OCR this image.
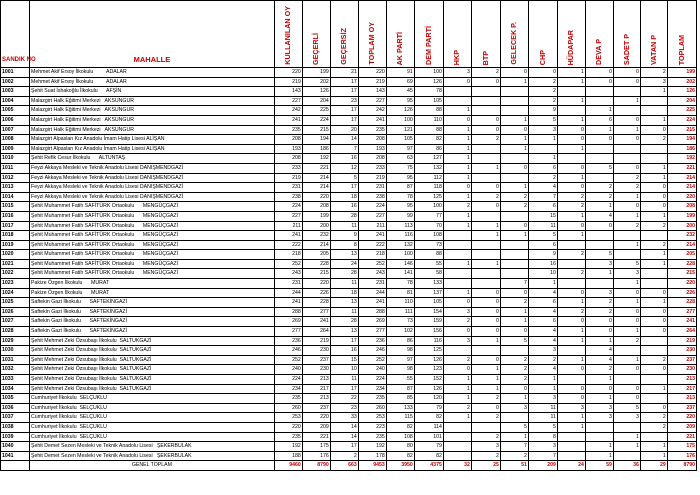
SANDIK NO	MAHALLE	KULLANILAN OY	GEÇERLİ	GEÇERSİZ	TOPLAM OY	AK PARTİ	DEM PARTİ	HKP	BTP	GELECEK P.	CHP	HÜDAPAR	DEVA P	SADET P	VATAN P	TOPLAM

1001	Mehmet Akif Ersoy İlkokulu         ADALAR	220	199	21	220	91	100	3	2	0	0	1	0	0	2	199
1002	Mehmet Akif Ersoy İlkokulu         ADALAR	219	202	17	219	69	126	0	0	1	2	1	0	0	3	202
1003	Şehit Suat İshakoğlu İlkokulu      AFŞİN	143	126	17	143	45	78				2				1	126
1004	Malazgirt Halk Eğitimi Merkezi   AKSUNGUR	227	204	23	227	95	105				2	1		1		204
1005	Malazgirt Halk Eğitimi Merkezi   AKSUNGUR	242	225	17	242	126	88	1			9		1			225
1006	Malazgirt Halk Eğitimi Merkezi   AKSUNGUR	241	224	17	241	100	110	0	0	1	5	1	6	0	1	224
1007	Malazgirt Halk Eğitimi Merkezi   AKSUNGUR	235	215	20	235	121	88	1	0	0	3	0	1	1	0	215
1008	Malazgirt Alpaslan Kız Anadolu İmam Hatip Lisesi ALİŞAN	208	194	14	208	105	82	1	2	1	1	0	0	0	2	194
1009	Malazgirt Alpaslan Kız Anadolu İmam Hatip Lisesi ALİŞAN	193	186	7	193	97	86	1		1		1				186
1010	Şehit Refik Cesur İlkokulu      ALTUNTAŞ	208	192	16	208	63	127	1			1					192
1011	Feyzi Akkaya Mesleki ve Teknik Anadolu Lisesi DANIŞMENDGAZİ	233	221	12	233	75	132	1	1	0	6	0	5	0	1	221
1012	Feyzi Akkaya Mesleki ve Teknik Anadolu Lisesi DANIŞMENDGAZİ	219	214	5	219	95	112	1			2	1		2	1	214
1013	Feyzi Akkaya Mesleki ve Teknik Anadolu Lisesi DANIŞMENDGAZİ	231	214	17	231	87	118	0	0	1	4	0	2	2	0	214
1014	Feyzi Akkaya Mesleki ve Teknik Anadolu Lisesi DANIŞMENDGAZİ	238	220	18	238	78	125	1	2	2	7	2	2	1	0	220
1015	Şehit Muhammet Fatih SAFİTÜRK Ortaokulu      MENGÜÇGAZİ	224	208	16	224	95	100	2	0	2	6	2	1	0	0	208
1016	Şehit Muhammet Fatih SAFİTÜRK Ortaokulu      MENGÜÇGAZİ	227	199	28	227	99	77	1			15	1	4	1	1	199
1017	Şehit Muhammet Fatih SAFİTÜRK Ortaokulu      MENGÜÇGAZİ	211	200	11	211	113	70	1	1	0	11	0	0	2	2	200
1018	Şehit Muhammet Fatih SAFİTÜRK Ortaokulu      MENGÜÇGAZİ	241	232	9	241	116	108		1	1	5	1				232
1019	Şehit Muhammet Fatih SAFİTÜRK Ortaokulu      MENGÜÇGAZİ	222	214	8	222	132	73				6			1	2	214
1020	Şehit Muhammet Fatih SAFİTÜRK Ortaokulu      MENGÜÇGAZİ	218	205	13	218	100	88				9	2	5		1	205
1021	Şehit Muhammet Fatih SAFİTÜRK Ortaokulu      MENGÜÇGAZİ	252	228	24	252	146	55	1	1		16		3	5	1	228
1022	Şehit Muhammet Fatih SAFİTÜRK Ortaokulu      MENGÜÇGAZİ	243	215	28	243	141	58				10	2	1	3		215
1023	Pakize Özgen İlkokulu      MURAT	231	220	11	231	78	133			7	1			1		220
1024	Pakize Özgen İlkokulu      MURAT	244	226	18	244	81	137	1	0	0	4	0	3	0	0	226
1025	Saftekin Gazi İlkokulu      SAFTEKİNGAZİ	241	228	13	241	110	105	0	0	2	6	1	2	1	1	228
1026	Saftekin Gazi İlkokulu      SAFTEKİNGAZİ	288	277	11	288	111	154	3	0	1	4	2	2	0	0	277
1027	Saftekin Gazi İlkokulu      SAFTEKİNGAZİ	269	241	28	269	73	159	2	0	1	6	0	0	0	0	241
1028	Saftekin Gazi İlkokulu      SAFTEKİNGAZİ	277	264	13	277	102	156	0	0	0	4	1	0	1	0	264
1029	Şehit Mehmet Zeki Özsubaşı İlkokulu  SALTUKGAZİ	236	219	17	236	86	116	3	1	5	4	1	1	2		219
1030	Şehit Mehmet Zeki Özsubaşı İlkokulu  SALTUKGAZİ	246	230	16	246	98	125				3		4			230
1031	Şehit Mehmet Zeki Özsubaşı İlkokulu  SALTUKGAZİ	252	237	15	252	97	126	2	0	2	2	1	4	1	2	237
1032	Şehit Mehmet Zeki Özsubaşı İlkokulu  SALTUKGAZİ	240	230	10	240	98	123	0	1	2	4	0	2	0	0	230
1033	Şehit Mehmet Zeki Özsubaşı İlkokulu  SALTUKGAZİ	224	213	11	224	55	152	1	1	2	1		1			213
1034	Şehit Mehmet Zeki Özsubaşı İlkokulu  SALTUKGAZİ	234	217	17	234	87	126	1	1	0	1	0	0	0	1	217
1035	Cumhuriyet İlkokulu  SELÇUKLU	235	213	22	235	85	120	1	2	1	3	0	1	0		213
1036	Cumhuriyet İlkokulu  SELÇUKLU	260	237	23	260	133	79	2	0	3	11	3	3	5	0	237
1037	Cumhuriyet İlkokulu  SELÇUKLU	253	220	33	253	115	82	1	2		11	1	3	3	2	220
1038	Cumhuriyet İlkokulu  SELÇUKLU	220	209	14	223	82	114			5	5	1			2	209
1039	Cumhuriyet İlkokulu  SELÇUKLU	235	221	14	235	108	101		2	1	8			1		221
1040	Şehit Demet Sezen Mesleki ve Teknik Anadolu Lisesi   ŞEKERBULAK	192	175	17	192	80	79		3	7	3		1	1	1	175
1041	Şehit Demet Sezen Mesleki ve Teknik Anadolu Lisesi   ŞEKERBULAK	188	176	2	178	82	82		2	2	7		1		1	176
	GENEL TOPLAM	9460	8790	663	9453	3950	4375	32	25	51	209	24	59	36	29	8790
